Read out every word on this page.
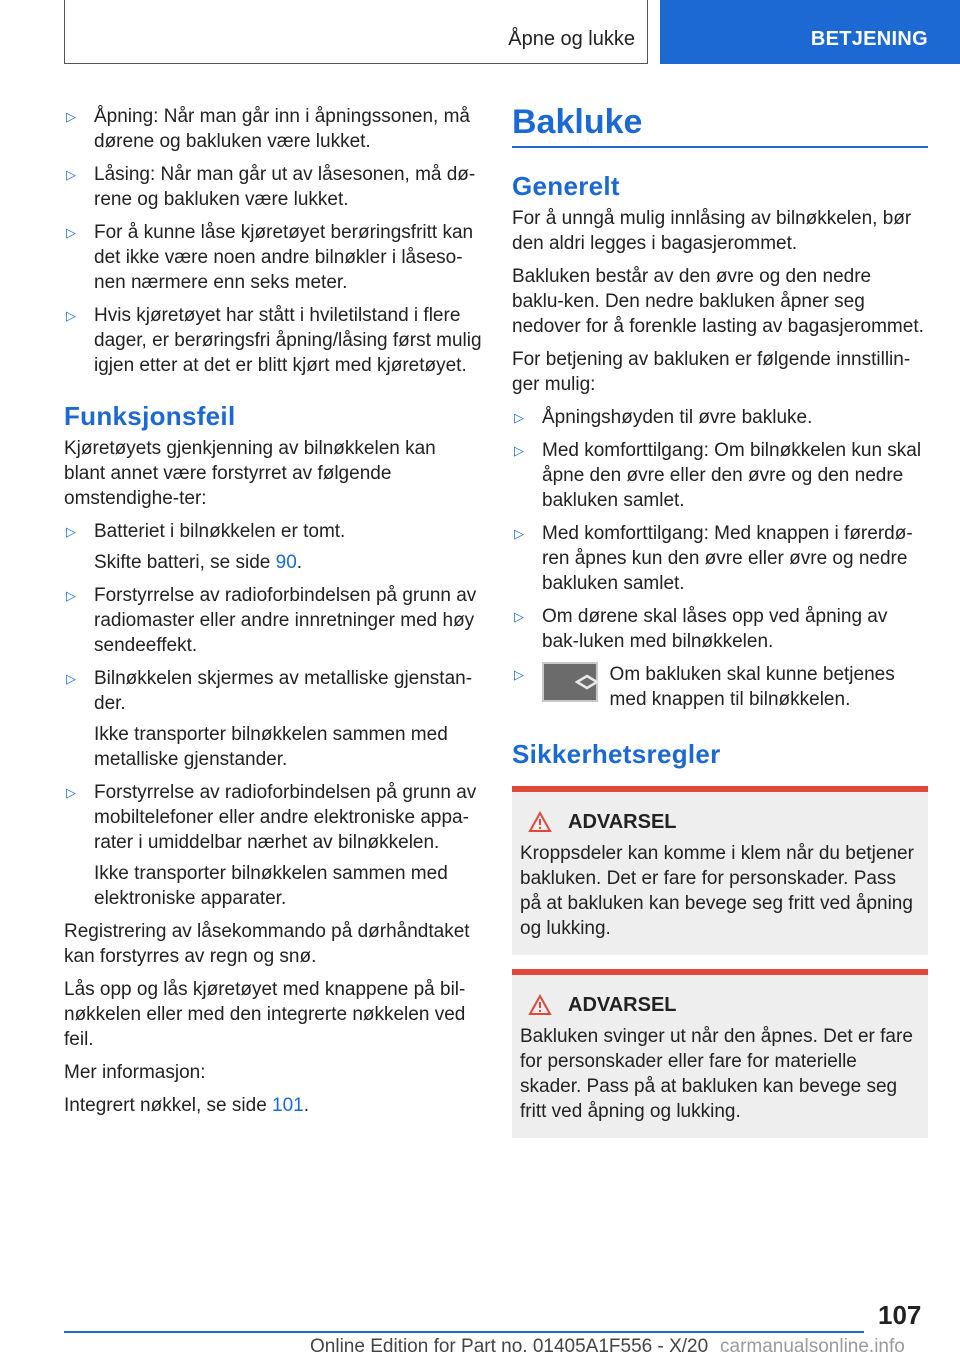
Åpne og lukke	BETJENING
▷ Åpning: Når man går inn i åpningssonen, må dørene og bakluken være lukket.
▷ Låsing: Når man går ut av låsesonen, må dø-rene og bakluken være lukket.
▷ For å kunne låse kjøretøyet berøringsfritt kan det ikke være noen andre bilnøkler i låseso-nen nærmere enn seks meter.
▷ Hvis kjøretøyet har stått i hviletilstand i flere dager, er berøringsfri åpning/låsing først mulig igjen etter at det er blitt kjørt med kjøretøyet.
Funksjonsfeil

Kjøretøyets gjenkjenning av bilnøkkelen kan blant annet være forstyrret av følgende omstendighe-ter:

▷ Batteriet i bilnøkkelen er tomt.
Skifte batteri, se side 90.
▷ Forstyrrelse av radioforbindelsen på grunn av radiomaster eller andre innretninger med høy sendeeffekt.
▷ Bilnøkkelen skjermes av metalliske gjenstan-der.
Ikke transporter bilnøkkelen sammen med metalliske gjenstander.
▷ Forstyrrelse av radioforbindelsen på grunn av mobiltelefoner eller andre elektroniske appa-rater i umiddelbar nærhet av bilnøkkelen.
Ikke transporter bilnøkkelen sammen med elektroniske apparater.

Registrering av låsekommando på dørhåndtaket kan forstyrres av regn og snø.

Lås opp og lås kjøretøyet med knappene på bil-nøkkelen eller med den integrerte nøkkelen ved feil.

Mer informasjon:

Integrert nøkkel, se side 101.

Bakluke
Generelt

For å unngå mulig innlåsing av bilnøkkelen, bør den aldri legges i bagasjerommet.

Bakluken består av den øvre og den nedre baklu-ken. Den nedre bakluken åpner seg nedover for å forenkle lasting av bagasjerommet.

For betjening av bakluken er følgende innstillin-ger mulig:

▷ Åpningshøyden til øvre bakluke.
▷ Med komforttilgang: Om bilnøkkelen kun skal åpne den øvre eller den øvre og den nedre bakluken samlet.
▷ Med komforttilgang: Med knappen i førerdø-ren åpnes kun den øvre eller øvre og nedre bakluken samlet.
▷ Om dørene skal låses opp ved åpning av bak-luken med bilnøkkelen.
▷	Om bakluken skal kunne betjenes med knappen til bilnøkkelen.
Sikkerhetsregler
ADVARSEL
Kroppsdeler kan komme i klem når du betjener bakluken. Det er fare for personskader. Pass på at bakluken kan bevege seg fritt ved åpning og lukking.
ADVARSEL
Bakluken svinger ut når den åpnes. Det er fare for personskader eller fare for materielle skader. Pass på at bakluken kan bevege seg fritt ved åpning og lukking.
107
Online Edition for Part no. 01405A1F556 - X/20 carmanualsonline.info
